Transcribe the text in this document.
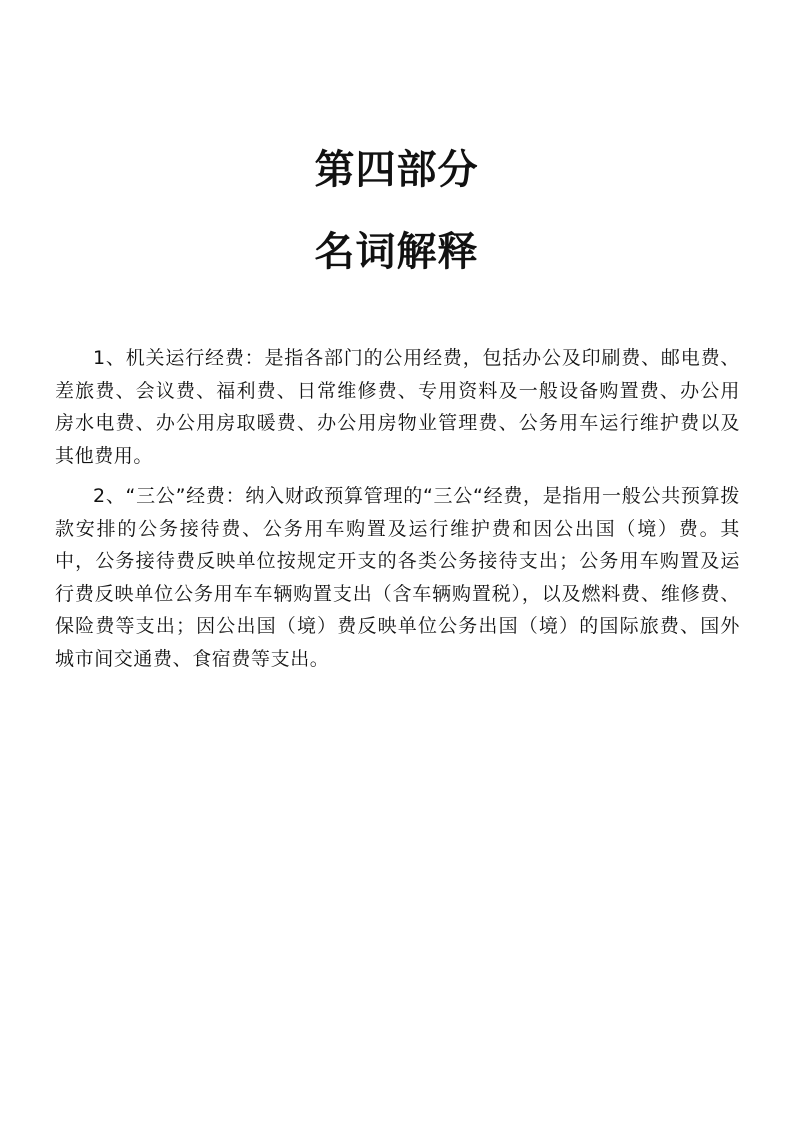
第四部分
名词解释

1、机关运行经费：是指各部门的公用经费，包括办公及印刷费、邮电费、差旅费、会议费、福利费、日常维修费、专用资料及一般设备购置费、办公用房水电费、办公用房取暖费、办公用房物业管理费、公务用车运行维护费以及其他费用。

2、“三公”经费：纳入财政预算管理的“三公“经费，是指用一般公共预算拨款安排的公务接待费、公务用车购置及运行维护费和因公出国（境）费。其中，公务接待费反映单位按规定开支的各类公务接待支出；公务用车购置及运行费反映单位公务用车车辆购置支出（含车辆购置税），以及燃料费、维修费、保险费等支出；因公出国（境）费反映单位公务出国（境）的国际旅费、国外城市间交通费、食宿费等支出。
